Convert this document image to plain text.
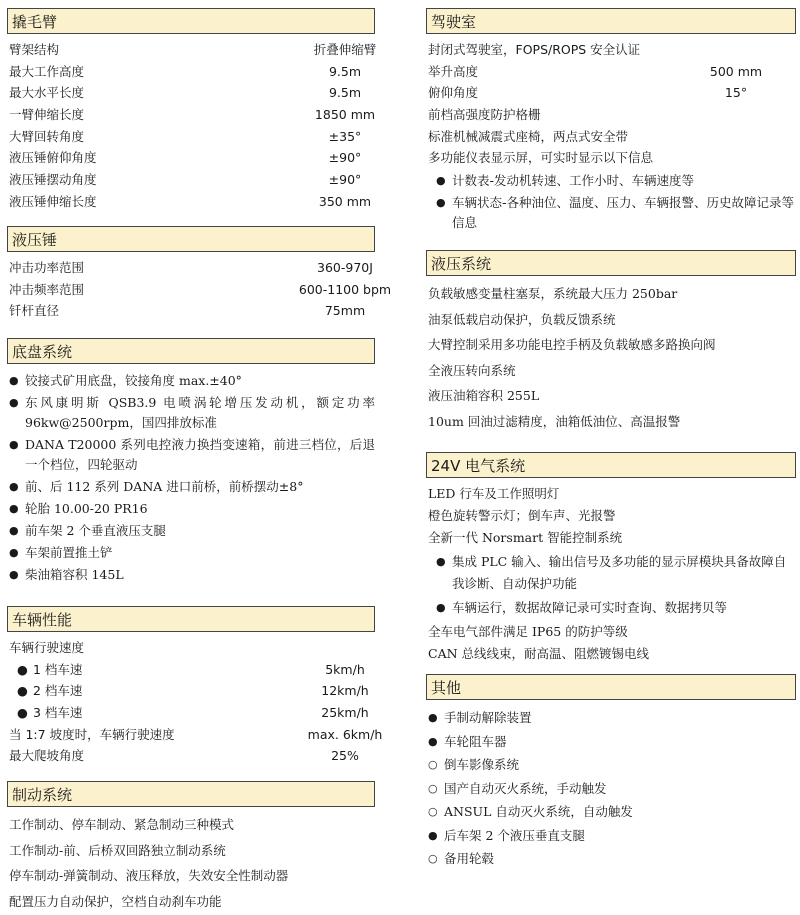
撬毛臂
臂架结构	折叠伸缩臂
最大工作高度	9.5m
最大水平长度	9.5m
一臂伸缩长度	1850 mm
大臂回转角度	±35°
液压锤俯仰角度	±90°
液压锤摆动角度	±90°
液压锤伸缩长度	350 mm
液压锤
冲击功率范围	360-970J
冲击频率范围	600-1100 bpm
钎杆直径	75mm
底盘系统
● 铰接式矿用底盘，铰接角度 max.±40°
● 东风康明斯 QSB3.9 电喷涡轮增压发动机，额定功率 96kw@2500rpm，国四排放标准
● DANA T20000 系列电控液力换挡变速箱，前进三档位，后退一个档位，四轮驱动
● 前、后 112 系列 DANA 进口前桥，前桥摆动±8°
● 轮胎 10.00-20 PR16
● 前车架 2 个垂直液压支腿
● 车架前置推土铲
● 柴油箱容积 145L
车辆性能
车辆行驶速度
● 1 档车速	5km/h
● 2 档车速	12km/h
● 3 档车速	25km/h
当 1:7 坡度时，车辆行驶速度	max. 6km/h
最大爬坡角度	25%
制动系统
工作制动、停车制动、紧急制动三种模式
工作制动-前、后桥双回路独立制动系统
停车制动-弹簧制动、液压释放，失效安全性制动器
配置压力自动保护，空档自动刹车功能
驾驶室
封闭式驾驶室，FOPS/ROPS 安全认证
举升高度	500 mm
俯仰角度	15°
前档高强度防护格栅
标准机械减震式座椅，两点式安全带
多功能仪表显示屏，可实时显示以下信息
● 计数表-发动机转速、工作小时、车辆速度等
● 车辆状态-各种油位、温度、压力、车辆报警、历史故障记录等信息
液压系统
负载敏感变量柱塞泵，系统最大压力 250bar
油泵低载启动保护，负载反馈系统
大臂控制采用多功能电控手柄及负载敏感多路换向阀
全液压转向系统
液压油箱容积 255L
10um 回油过滤精度，油箱低油位、高温报警
24V 电气系统
LED 行车及工作照明灯
橙色旋转警示灯；倒车声、光报警
全新一代 Norsmart 智能控制系统
● 集成 PLC 输入、输出信号及多功能的显示屏模块具备故障自我诊断、自动保护功能
● 车辆运行，数据故障记录可实时查询、数据拷贝等
全车电气部件满足 IP65 的防护等级
CAN 总线线束，耐高温、阻燃镀锡电线
其他
● 手制动解除装置
● 车轮阻车器
○ 倒车影像系统
○ 国产自动灭火系统，手动触发
○ ANSUL 自动灭火系统，自动触发
● 后车架 2 个液压垂直支腿
○ 备用轮毂
